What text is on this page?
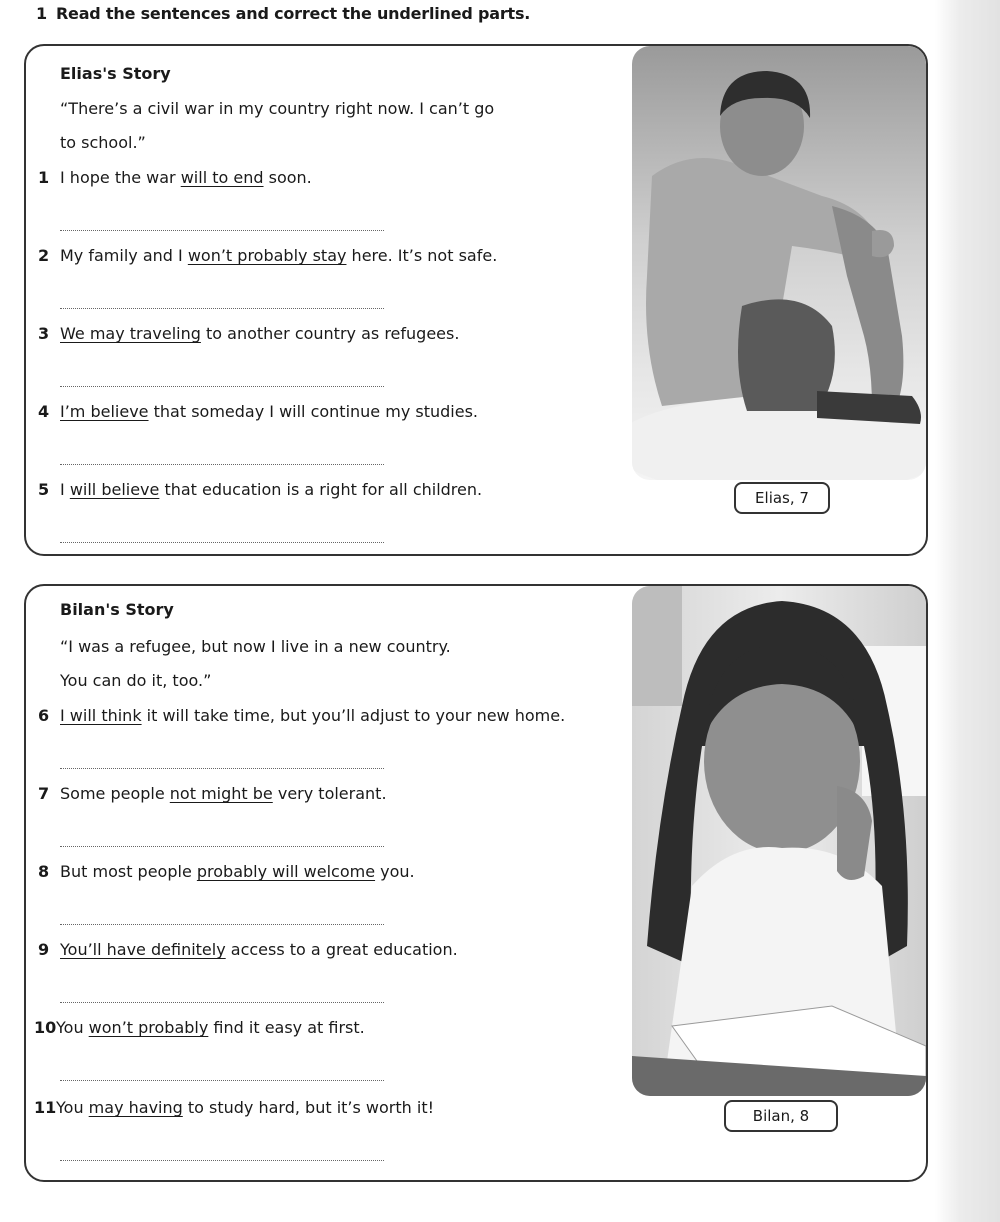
1 Read the sentences and correct the underlined parts.
Elias's Story
“There’s a civil war in my country right now. I can’t go
to school.”
1 I hope the war will to end soon.
2 My family and I won’t probably stay here. It’s not safe.
3 We may traveling to another country as refugees.
4 I’m believe that someday I will continue my studies.
5 I will believe that education is a right for all children.	Elias, 7
Bilan's Story
“I was a refugee, but now I live in a new country.
You can do it, too.”
6 I will think it will take time, but you’ll adjust to your new home.
7 Some people not might be very tolerant.
8 But most people probably will welcome you.
9 You’ll have definitely access to a great education.
10You won’t probably find it easy at first.
11You may having to study hard, but it’s worth it!	Bilan, 8
